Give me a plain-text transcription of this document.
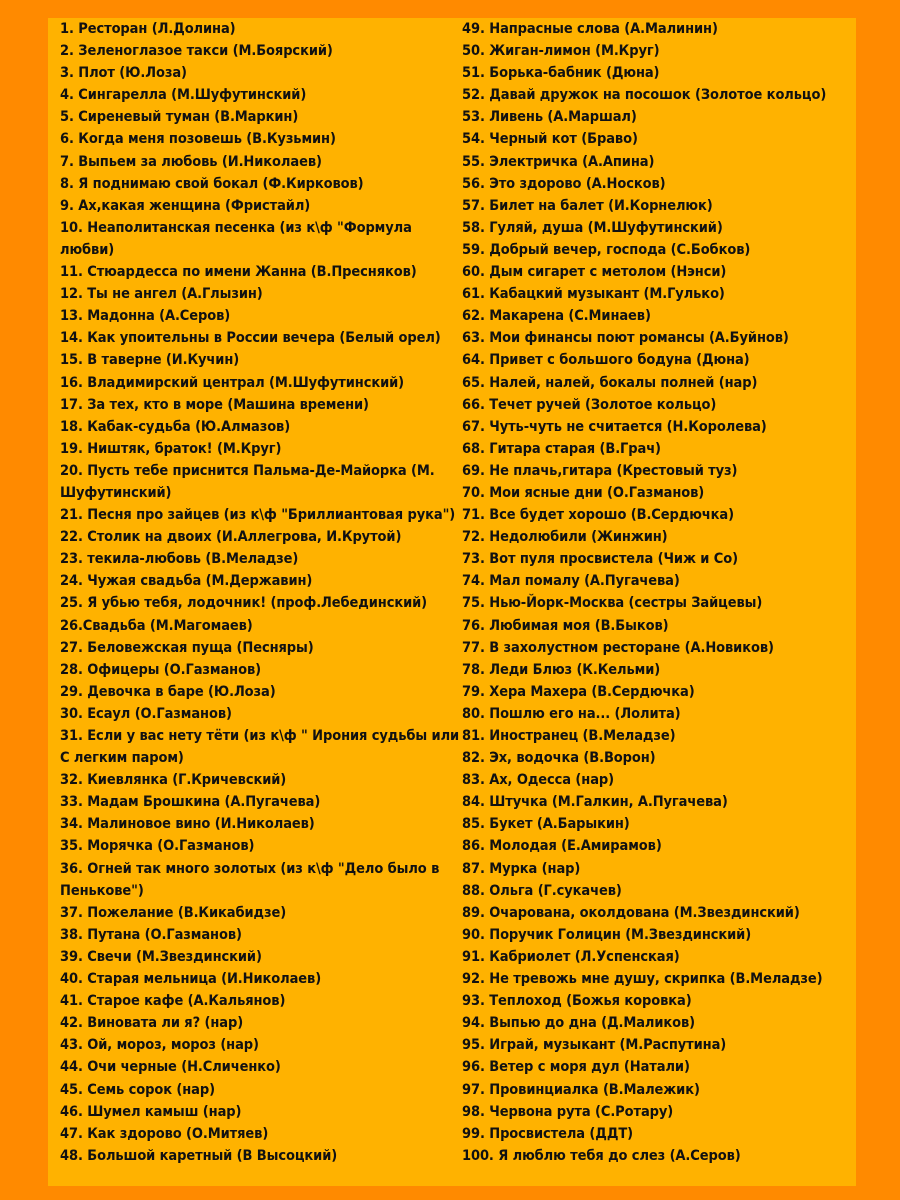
1. Ресторан (Л.Долина)
2. Зеленоглазое такси (М.Боярский)
3. Плот (Ю.Лоза)
4. Сингарелла (М.Шуфутинский)
5. Сиреневый туман (В.Маркин)
6. Когда меня позовешь (В.Кузьмин)
7. Выпьем за любовь (И.Николаев)
8. Я поднимаю свой бокал (Ф.Кирковов)
9. Ах,какая женщина (Фристайл)
10. Неаполитанская песенка (из к\ф "Формула любви)
11. Стюардесса по имени Жанна (В.Пресняков)
12. Ты не ангел (А.Глызин)
13. Мадонна (А.Серов)
14. Как упоительны в России вечера (Белый орел)
15. В таверне (И.Кучин)
16. Владимирский централ (М.Шуфутинский)
17. За тех, кто в море (Машина времени)
18. Кабак-судьба (Ю.Алмазов)
19. Ништяк, браток! (М.Круг)
20. Пусть тебе приснится Пальма-Де-Майорка (М. Шуфутинский)
21. Песня про зайцев (из к\ф "Бриллиантовая рука")
22. Столик на двоих (И.Аллегрова, И.Крутой)
23. текила-любовь (В.Меладзе)
24. Чужая свадьба (М.Державин)
25. Я убью тебя, лодочник! (проф.Лебединский)
26.Свадьба (М.Магомаев)
27. Беловежская пуща (Песняры)
28. Офицеры (О.Газманов)
29. Девочка в баре (Ю.Лоза)
30. Есаул (О.Газманов)
31. Если у вас нету тёти (из к\ф " Ирония судьбы или С легким паром)
32. Киевлянка (Г.Кричевский)
33. Мадам Брошкина (А.Пугачева)
34. Малиновое вино (И.Николаев)
35. Морячка (О.Газманов)
36. Огней так много золотых (из к\ф "Дело было в Пенькове")
37. Пожелание (В.Кикабидзе)
38. Путана (О.Газманов)
39. Свечи (М.Звездинский)
40. Старая мельница (И.Николаев)
41. Старое кафе (А.Кальянов)
42. Виновата ли я? (нар)
43. Ой, мороз, мороз (нар)
44. Очи черные (Н.Сличенко)
45. Семь сорок (нар)
46. Шумел камыш (нар)
47. Как здорово (О.Митяев)
48. Большой каретный (В Высоцкий)
49. Напрасные слова (А.Малинин)
50. Жиган-лимон (М.Круг)
51. Борька-бабник (Дюна)
52. Давай дружок на посошок (Золотое кольцо)
53. Ливень (А.Маршал)
54. Черный кот (Браво)
55. Электричка (А.Апина)
56. Это здорово (А.Носков)
57. Билет на балет (И.Корнелюк)
58. Гуляй, душа (М.Шуфутинский)
59. Добрый вечер, господа (С.Бобков)
60. Дым сигарет с метолом (Нэнси)
61. Кабацкий музыкант (М.Гулько)
62. Макарена (С.Минаев)
63. Мои финансы поют романсы (А.Буйнов)
64. Привет с большого бодуна (Дюна)
65. Налей, налей, бокалы полней (нар)
66. Течет ручей (Золотое кольцо)
67. Чуть-чуть не считается (Н.Королева)
68. Гитара старая (В.Грач)
69. Не плачь,гитара (Крестовый туз)
70. Мои ясные дни (О.Газманов)
71. Все будет хорошо (В.Сердючка)
72. Недолюбили (Жинжин)
73. Вот пуля просвистела (Чиж и Со)
74. Мал помалу (А.Пугачева)
75. Нью-Йорк-Москва (сестры Зайцевы)
76. Любимая моя (В.Быков)
77. В захолустном ресторане (А.Новиков)
78. Леди Блюз (К.Кельми)
79. Хера Махера (В.Сердючка)
80. Пошлю его на... (Лолита)
81. Иностранец (В.Меладзе)
82. Эх, водочка (В.Ворон)
83. Ах, Одесса (нар)
84. Штучка (М.Галкин, А.Пугачева)
85. Букет (А.Барыкин)
86. Молодая (Е.Амирамов)
87. Мурка (нар)
88. Ольга (Г.сукачев)
89. Очарована, околдована (М.Звездинский)
90. Поручик Голицин (М.Звездинский)
91. Кабриолет (Л.Успенская)
92. Не тревожь мне душу, скрипка (В.Меладзе)
93. Теплоход (Божья коровка)
94. Выпью до дна (Д.Маликов)
95. Играй, музыкант (М.Распутина)
96. Ветер с моря дул (Натали)
97. Провинциалка (В.Малежик)
98. Червона рута (С.Ротару)
99. Просвистела (ДДТ)
100. Я люблю тебя до слез (А.Серов)
